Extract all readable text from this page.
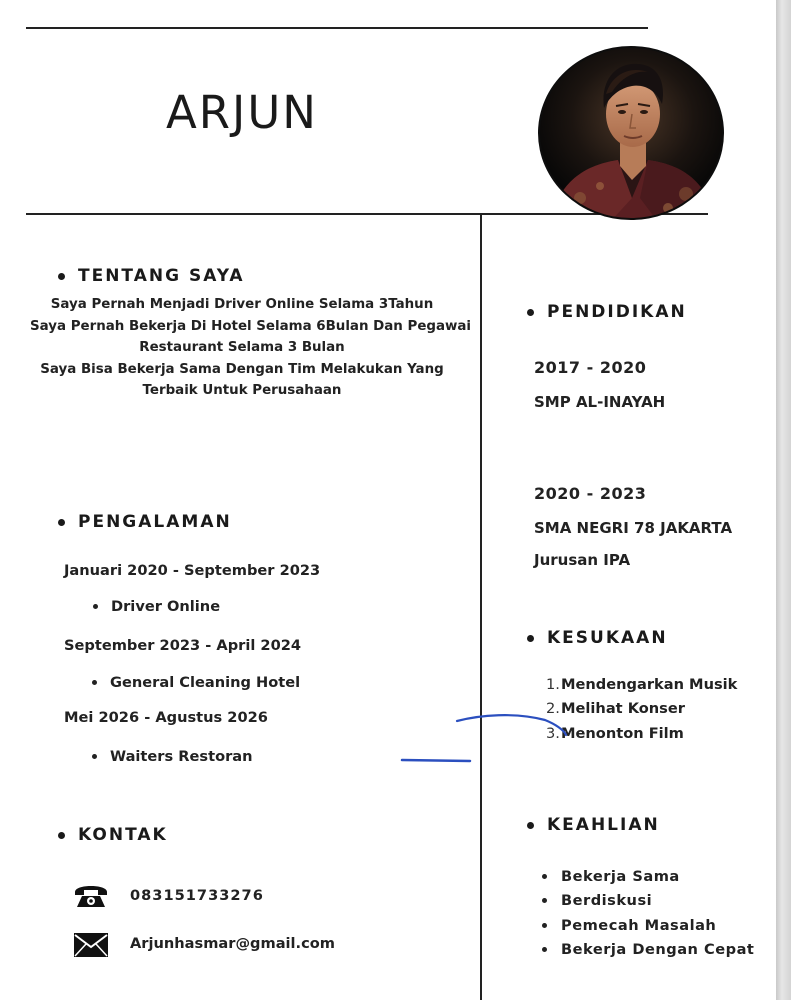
ARJUN
TENTANG SAYA
Saya Pernah Menjadi Driver Online Selama 3Tahun
Saya Pernah Bekerja Di Hotel Selama 6Bulan Dan Pegawai
Restaurant Selama 3 Bulan
Saya Bisa Bekerja Sama Dengan Tim Melakukan Yang
Terbaik Untuk Perusahaan
PENGALAMAN
Januari 2020 - September 2023
Driver Online
September 2023 - April 2024
General Cleaning Hotel
Mei 2026 - Agustus 2026
Waiters Restoran
KONTAK
083151733276
Arjunhasmar@gmail.com
PENDIDIKAN
2017 - 2020
SMP AL-INAYAH
2020 - 2023
SMA NEGRI 78 JAKARTA
Jurusan IPA
KESUKAAN
1. Mendengarkan Musik
2. Melihat Konser
3. Menonton Film
KEAHLIAN
Bekerja Sama
Berdiskusi
Pemecah Masalah
Bekerja Dengan Cepat
